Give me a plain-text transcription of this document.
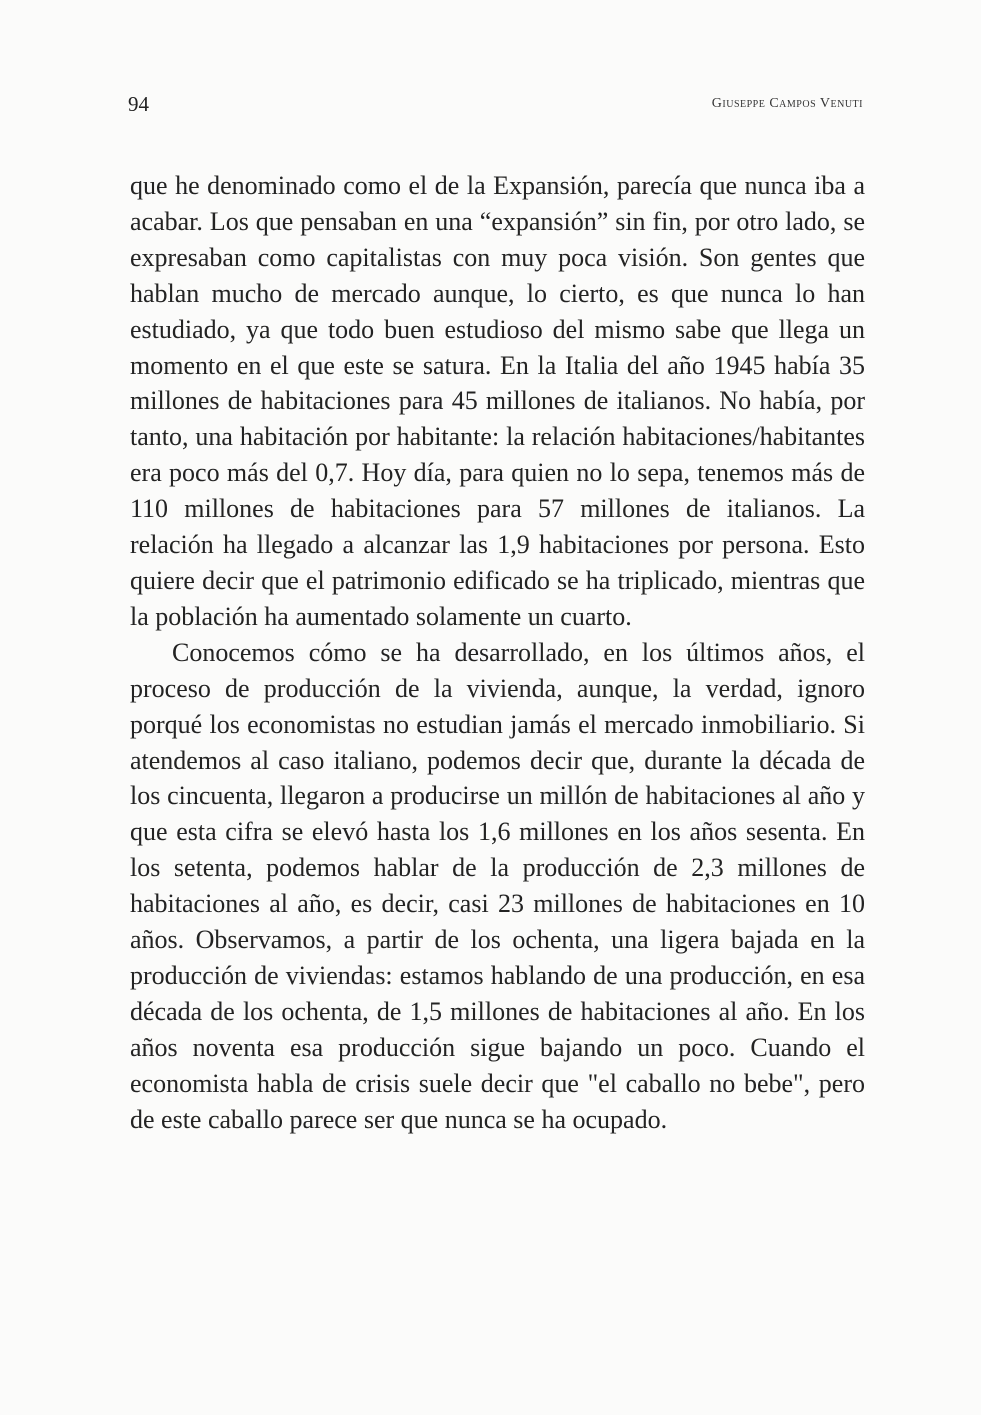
94	Giuseppe Campos Venuti

que he denominado como el de la Expansión, parecía que nunca iba a acabar. Los que pensaban en una “expansión” sin fin, por otro lado, se expresaban como capitalistas con muy poca visión. Son gentes que hablan mucho de mercado aunque, lo cierto, es que nunca lo han estudiado, ya que todo buen estudioso del mismo sabe que llega un momento en el que este se satura. En la Italia del año 1945 había 35 millones de habitaciones para 45 millones de italianos. No había, por tanto, una habitación por habitante: la relación habitaciones/habitantes era poco más del 0,7. Hoy día, para quien no lo sepa, tenemos más de 110 millones de habitaciones para 57 millones de italianos. La relación ha llegado a alcanzar las 1,9 habitaciones por persona. Esto quiere decir que el patrimonio edificado se ha triplicado, mientras que la población ha aumentado solamente un cuarto.

Conocemos cómo se ha desarrollado, en los últimos años, el proceso de producción de la vivienda, aunque, la verdad, ignoro porqué los economistas no estudian jamás el mercado inmobiliario. Si atendemos al caso italiano, podemos decir que, durante la década de los cincuenta, llegaron a producirse un millón de habitaciones al año y que esta cifra se elevó hasta los 1,6 millones en los años sesenta. En los setenta, podemos hablar de la producción de 2,3 millones de habitaciones al año, es decir, casi 23 millones de habitaciones en 10 años. Observamos, a partir de los ochenta, una ligera bajada en la producción de viviendas: estamos hablando de una producción, en esa década de los ochenta, de 1,5 millones de habitaciones al año. En los años noventa esa producción sigue bajando un poco. Cuando el economista habla de crisis suele decir que "el caballo no bebe", pero de este caballo parece ser que nunca se ha ocupado.
